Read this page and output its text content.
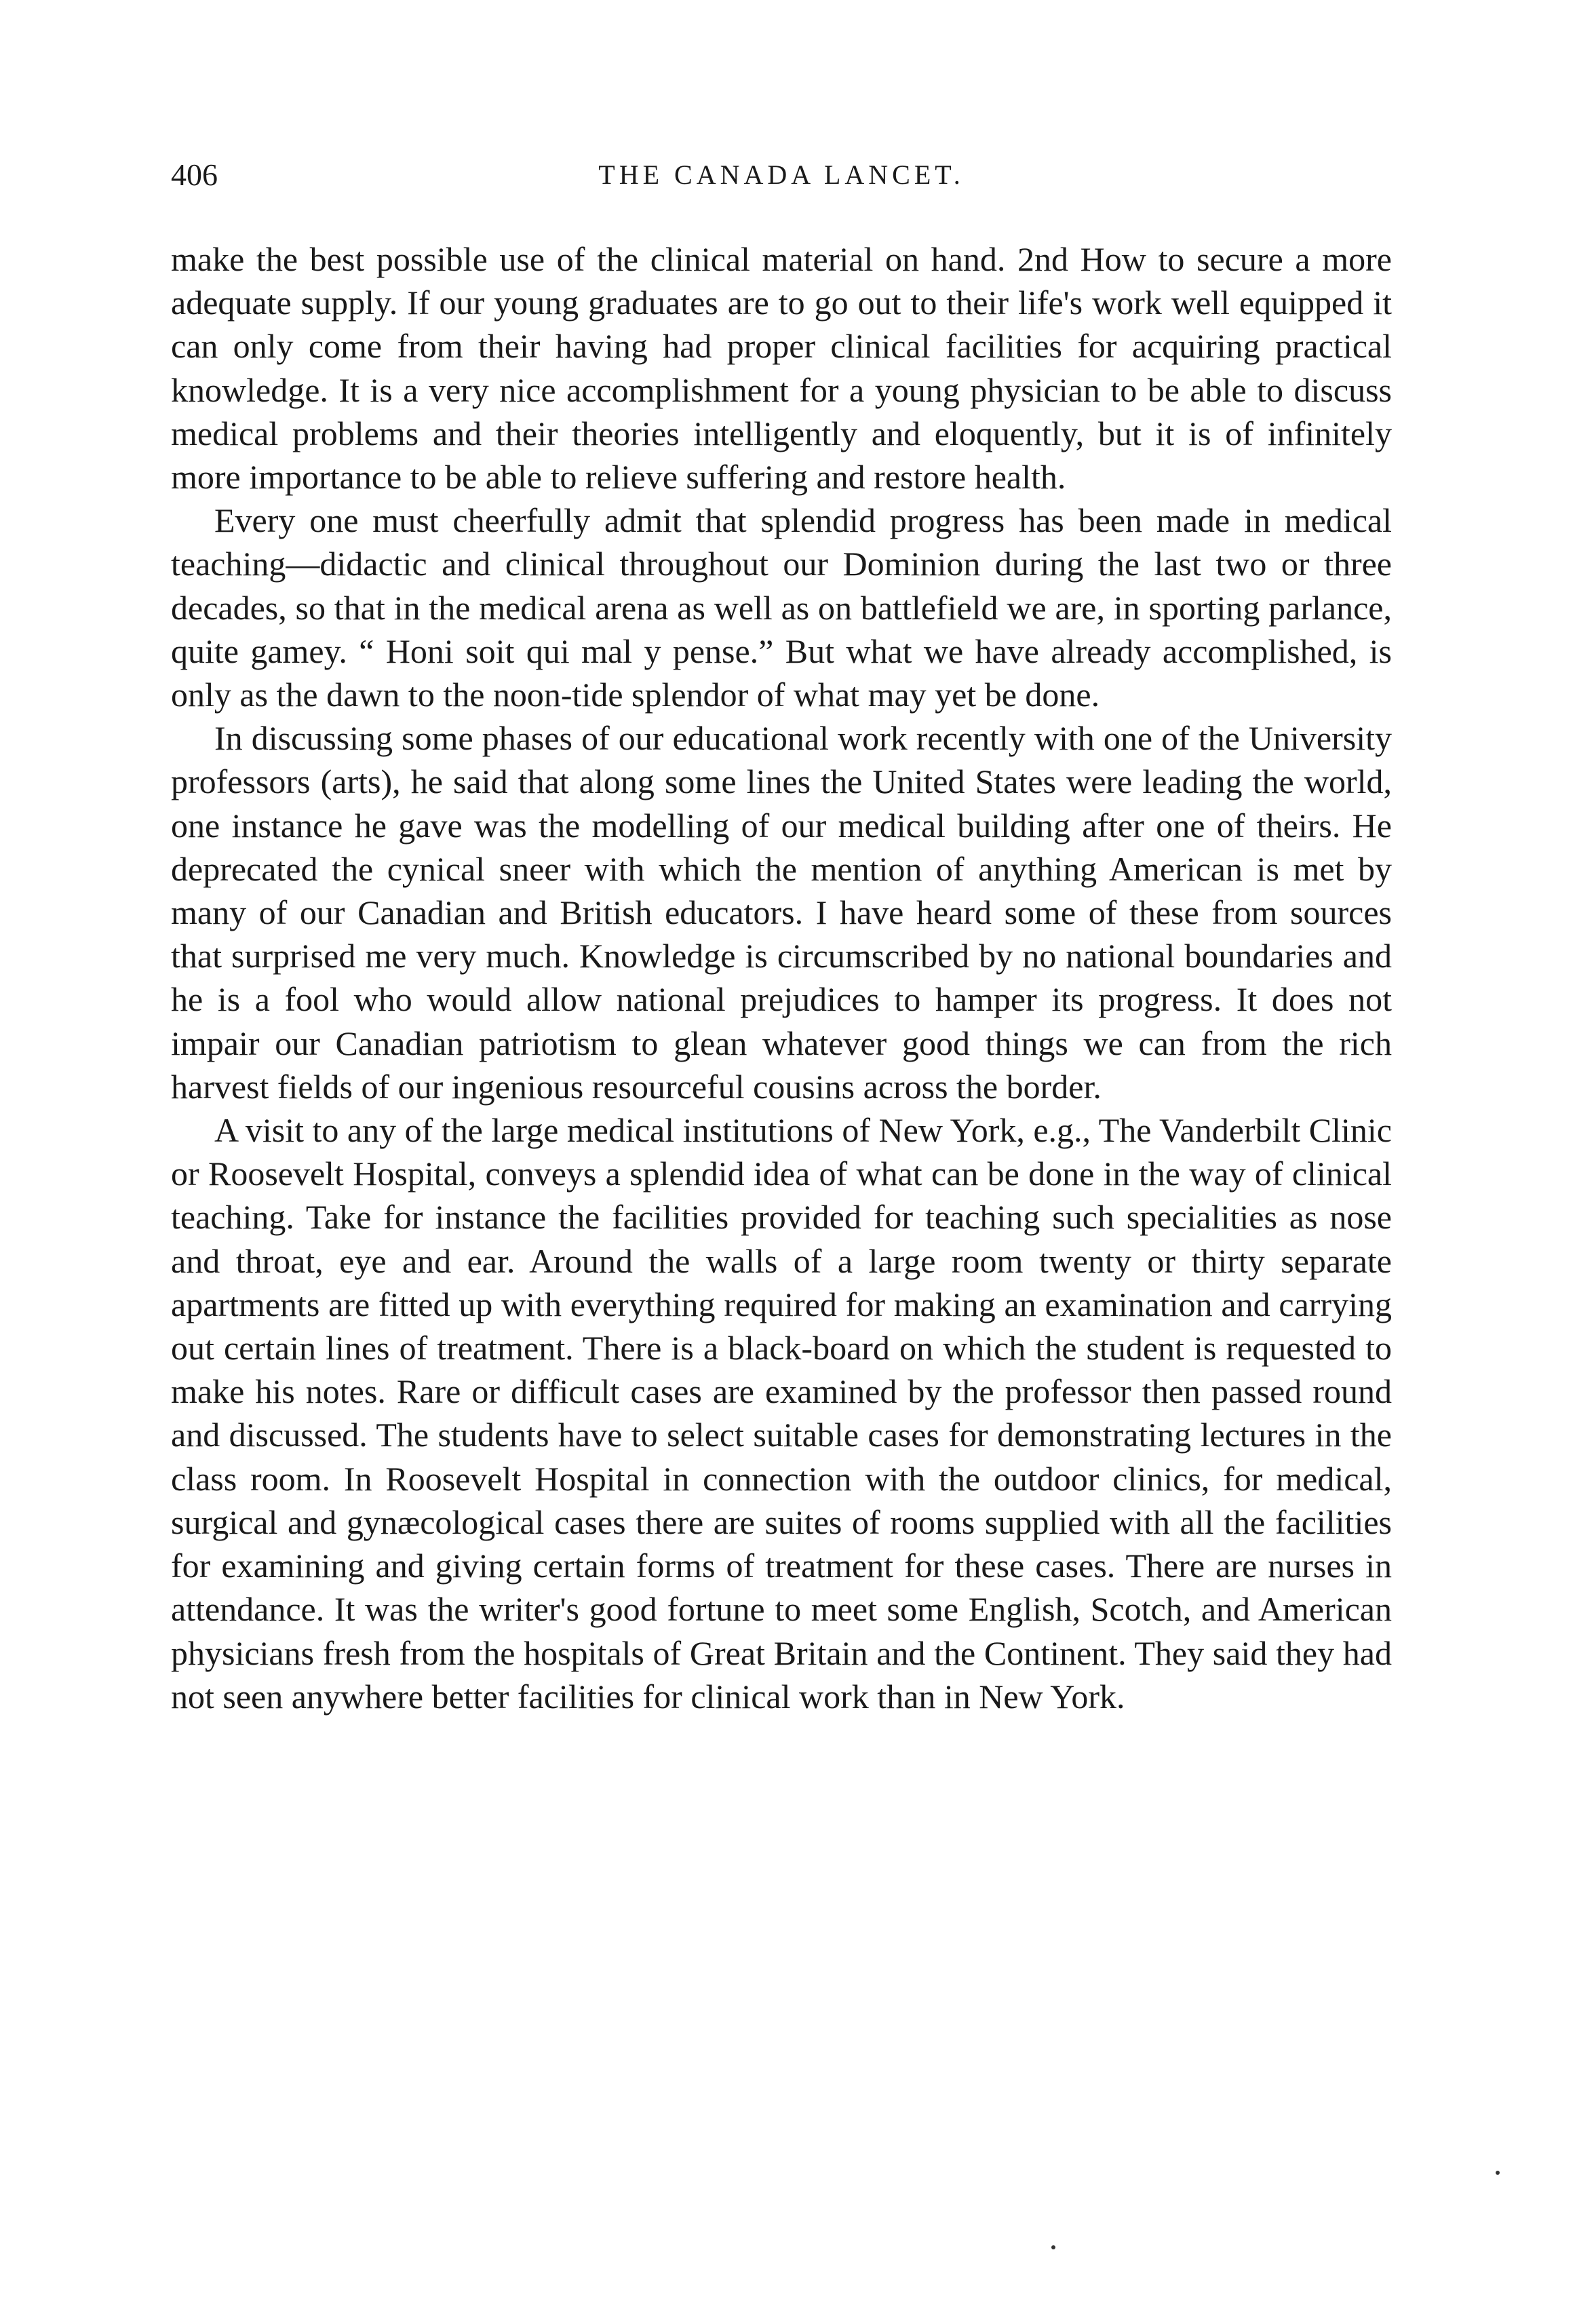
406	THE CANADA LANCET.

make the best possible use of the clinical material on hand. 2nd How to secure a more adequate supply. If our young graduates are to go out to their life's work well equipped it can only come from their having had proper clinical facilities for acquiring practical knowledge. It is a very nice accomplishment for a young physician to be able to discuss medical problems and their theories intelligently and eloquently, but it is of infinitely more importance to be able to relieve suffering and restore health.

Every one must cheerfully admit that splendid progress has been made in medical teaching—didactic and clinical throughout our Dominion during the last two or three decades, so that in the medical arena as well as on battlefield we are, in sporting parlance, quite gamey. “ Honi soit qui mal y pense.” But what we have already accomplished, is only as the dawn to the noon-tide splendor of what may yet be done.

In discussing some phases of our educational work recently with one of the University professors (arts), he said that along some lines the United States were leading the world, one instance he gave was the modelling of our medical building after one of theirs. He deprecated the cynical sneer with which the mention of anything American is met by many of our Canadian and British educators. I have heard some of these from sources that surprised me very much. Knowledge is circumscribed by no national boundaries and he is a fool who would allow national prejudices to hamper its progress. It does not impair our Canadian patriotism to glean whatever good things we can from the rich harvest fields of our ingenious resourceful cousins across the border.

A visit to any of the large medical institutions of New York, e.g., The Vanderbilt Clinic or Roosevelt Hospital, conveys a splendid idea of what can be done in the way of clinical teaching. Take for instance the facilities provided for teaching such specialities as nose and throat, eye and ear. Around the walls of a large room twenty or thirty separate apartments are fitted up with everything required for making an examination and carrying out certain lines of treatment. There is a black-board on which the student is requested to make his notes. Rare or difficult cases are examined by the professor then passed round and discussed. The students have to select suitable cases for demonstrating lectures in the class room. In Roosevelt Hospital in connection with the outdoor clinics, for medical, surgical and gynæcological cases there are suites of rooms supplied with all the facilities for examining and giving certain forms of treatment for these cases. There are nurses in attendance. It was the writer's good fortune to meet some English, Scotch, and American physicians fresh from the hospitals of Great Britain and the Continent. They said they had not seen anywhere better facilities for clinical work than in New York.
